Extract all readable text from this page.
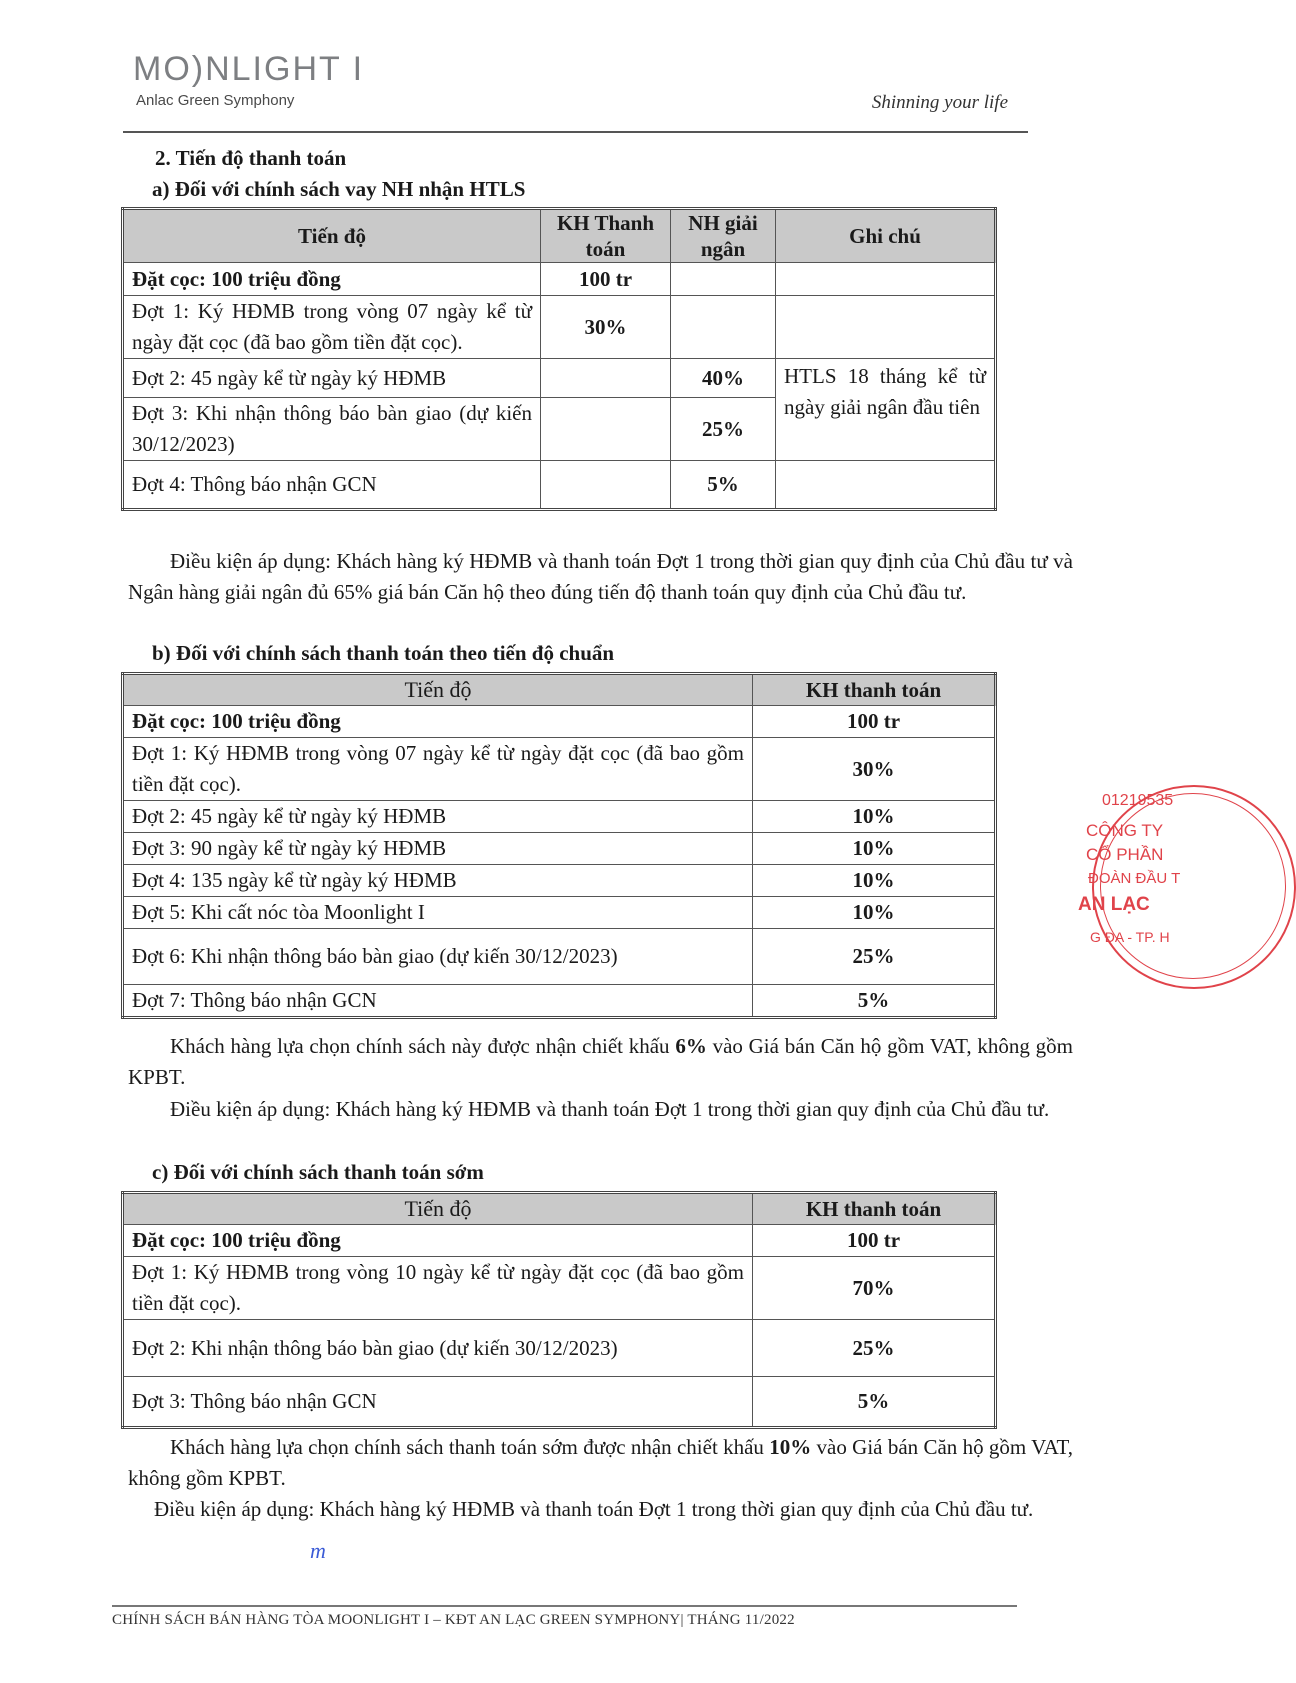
MO)NLIGHT I
Anlac Green Symphony	Shinning your life
2. Tiến độ thanh toán
a) Đối với chính sách vay NH nhận HTLS
Tiến độ	KH Thanh toán	NH giải ngân	Ghi chú
Đặt cọc: 100 triệu đồng	100 tr		
Đợt 1: Ký HĐMB trong vòng 07 ngày kể từ ngày đặt cọc (đã bao gồm tiền đặt cọc).	30%		
Đợt 2: 45 ngày kể từ ngày ký HĐMB		40%	HTLS 18 tháng kể từ ngày giải ngân đầu tiên
Đợt 3: Khi nhận thông báo bàn giao (dự kiến 30/12/2023)		25%	
Đợt 4: Thông báo nhận GCN		5%	
Điều kiện áp dụng: Khách hàng ký HĐMB và thanh toán Đợt 1 trong thời gian quy định của Chủ đầu tư và Ngân hàng giải ngân đủ 65% giá bán Căn hộ theo đúng tiến độ thanh toán quy định của Chủ đầu tư.
b) Đối với chính sách thanh toán theo tiến độ chuẩn
Tiến độ	KH thanh toán
Đặt cọc: 100 triệu đồng	100 tr
Đợt 1: Ký HĐMB trong vòng 07 ngày kể từ ngày đặt cọc (đã bao gồm tiền đặt cọc).	30%
Đợt 2: 45 ngày kể từ ngày ký HĐMB	10%
Đợt 3: 90 ngày kể từ ngày ký HĐMB	10%
Đợt 4: 135 ngày kể từ ngày ký HĐMB	10%
Đợt 5: Khi cất nóc tòa Moonlight I	10%
Đợt 6: Khi nhận thông báo bàn giao (dự kiến 30/12/2023)	25%
Đợt 7: Thông báo nhận GCN	5%
Khách hàng lựa chọn chính sách này được nhận chiết khấu 6% vào Giá bán Căn hộ gồm VAT, không gồm KPBT.
Điều kiện áp dụng: Khách hàng ký HĐMB và thanh toán Đợt 1 trong thời gian quy định của Chủ đầu tư.
c) Đối với chính sách thanh toán sớm
Tiến độ	KH thanh toán
Đặt cọc: 100 triệu đồng	100 tr
Đợt 1: Ký HĐMB trong vòng 10 ngày kể từ ngày đặt cọc (đã bao gồm tiền đặt cọc).	70%
Đợt 2: Khi nhận thông báo bàn giao (dự kiến 30/12/2023)	25%
Đợt 3: Thông báo nhận GCN	5%
Khách hàng lựa chọn chính sách thanh toán sớm được nhận chiết khấu 10% vào Giá bán Căn hộ gồm VAT, không gồm KPBT.
Điều kiện áp dụng: Khách hàng ký HĐMB và thanh toán Đợt 1 trong thời gian quy định của Chủ đầu tư.
m
01219535
CÔNG TY
CỔ PHẦN
ĐOÀN ĐẦU T
AN LẠC
G ĐA - TP. H
CHÍNH SÁCH BÁN HÀNG TÒA MOONLIGHT I – KĐT AN LẠC GREEN SYMPHONY| THÁNG 11/2022
